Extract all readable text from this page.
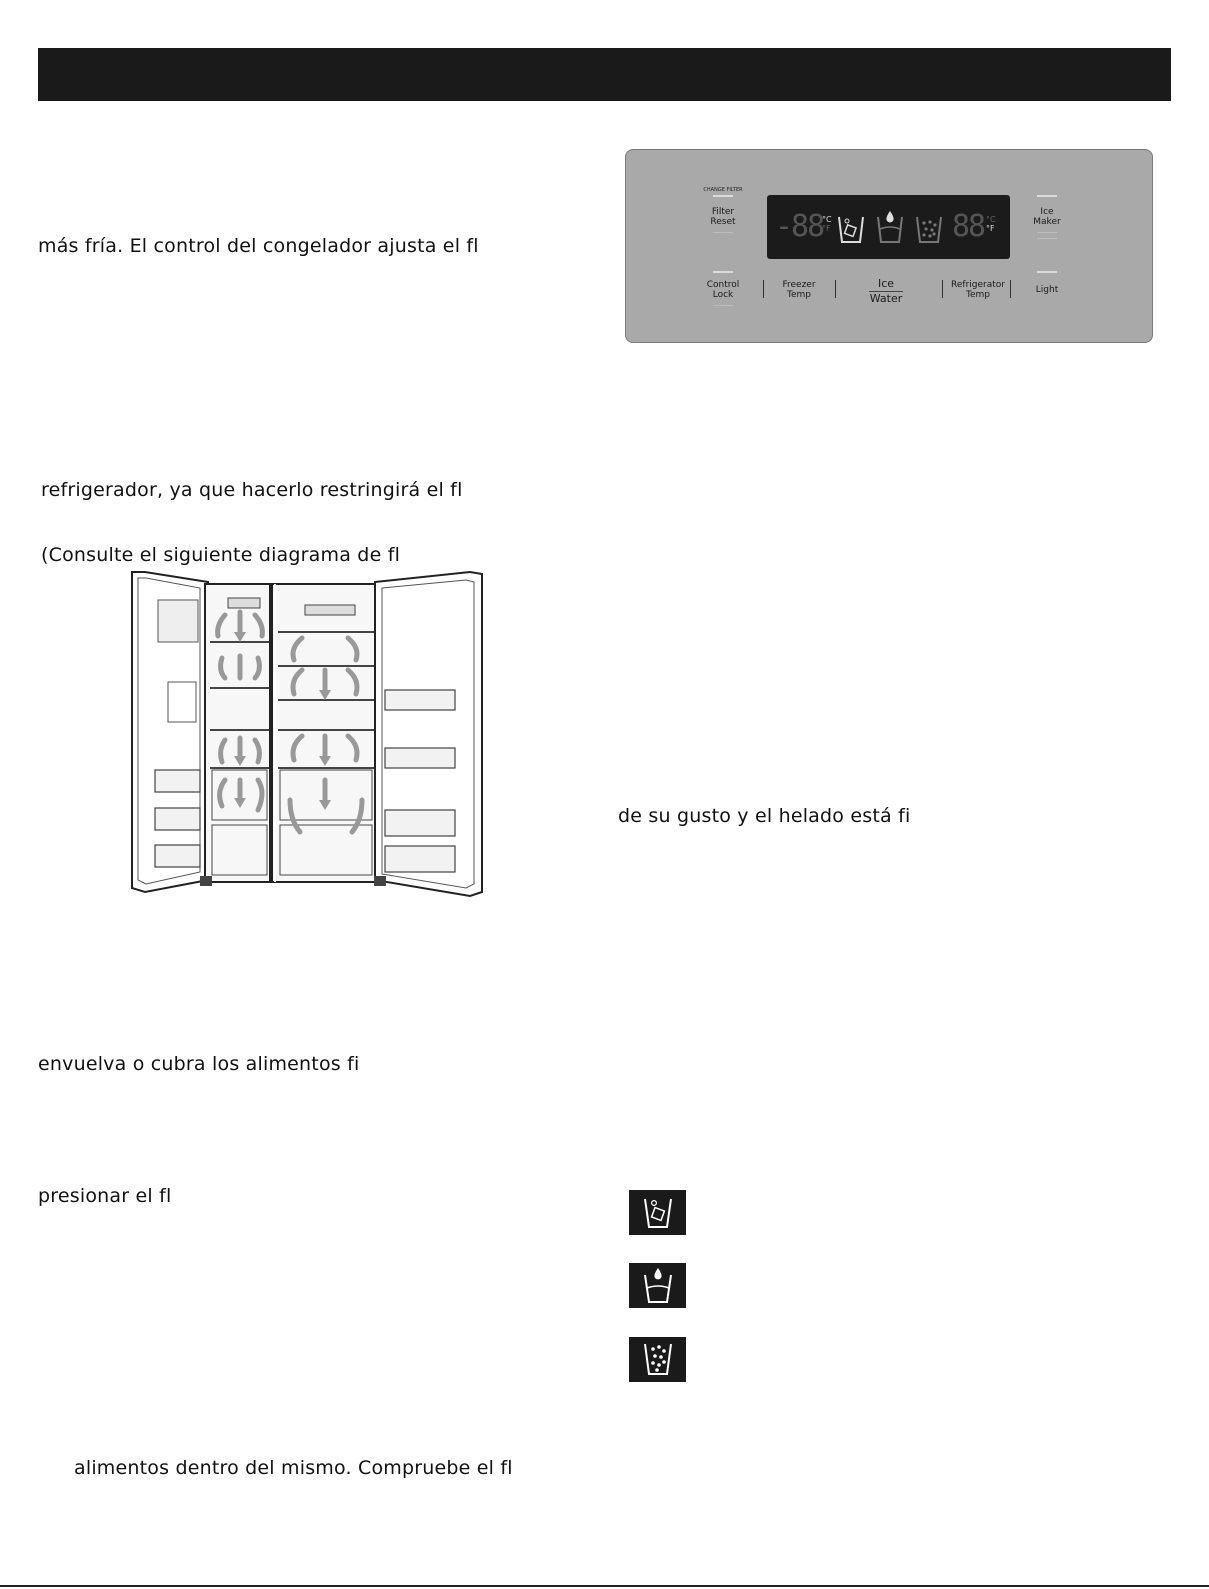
más fría. El control del congelador ajusta el fl
refrigerador, ya que hacerlo restringirá el fl
(Consulte el siguiente diagrama de fl
envuelva o cubra los alimentos fi
presionar el fl
alimentos dentro del mismo. Compruebe el fl
de su gusto y el helado está fi
CHANGE FILTER
Filter
Reset
Ice
Maker
-88
°C
°F	88 °C
°F
Control
Lock
Freezer
Temp
Ice
Water
Refrigerator
Temp	Light
